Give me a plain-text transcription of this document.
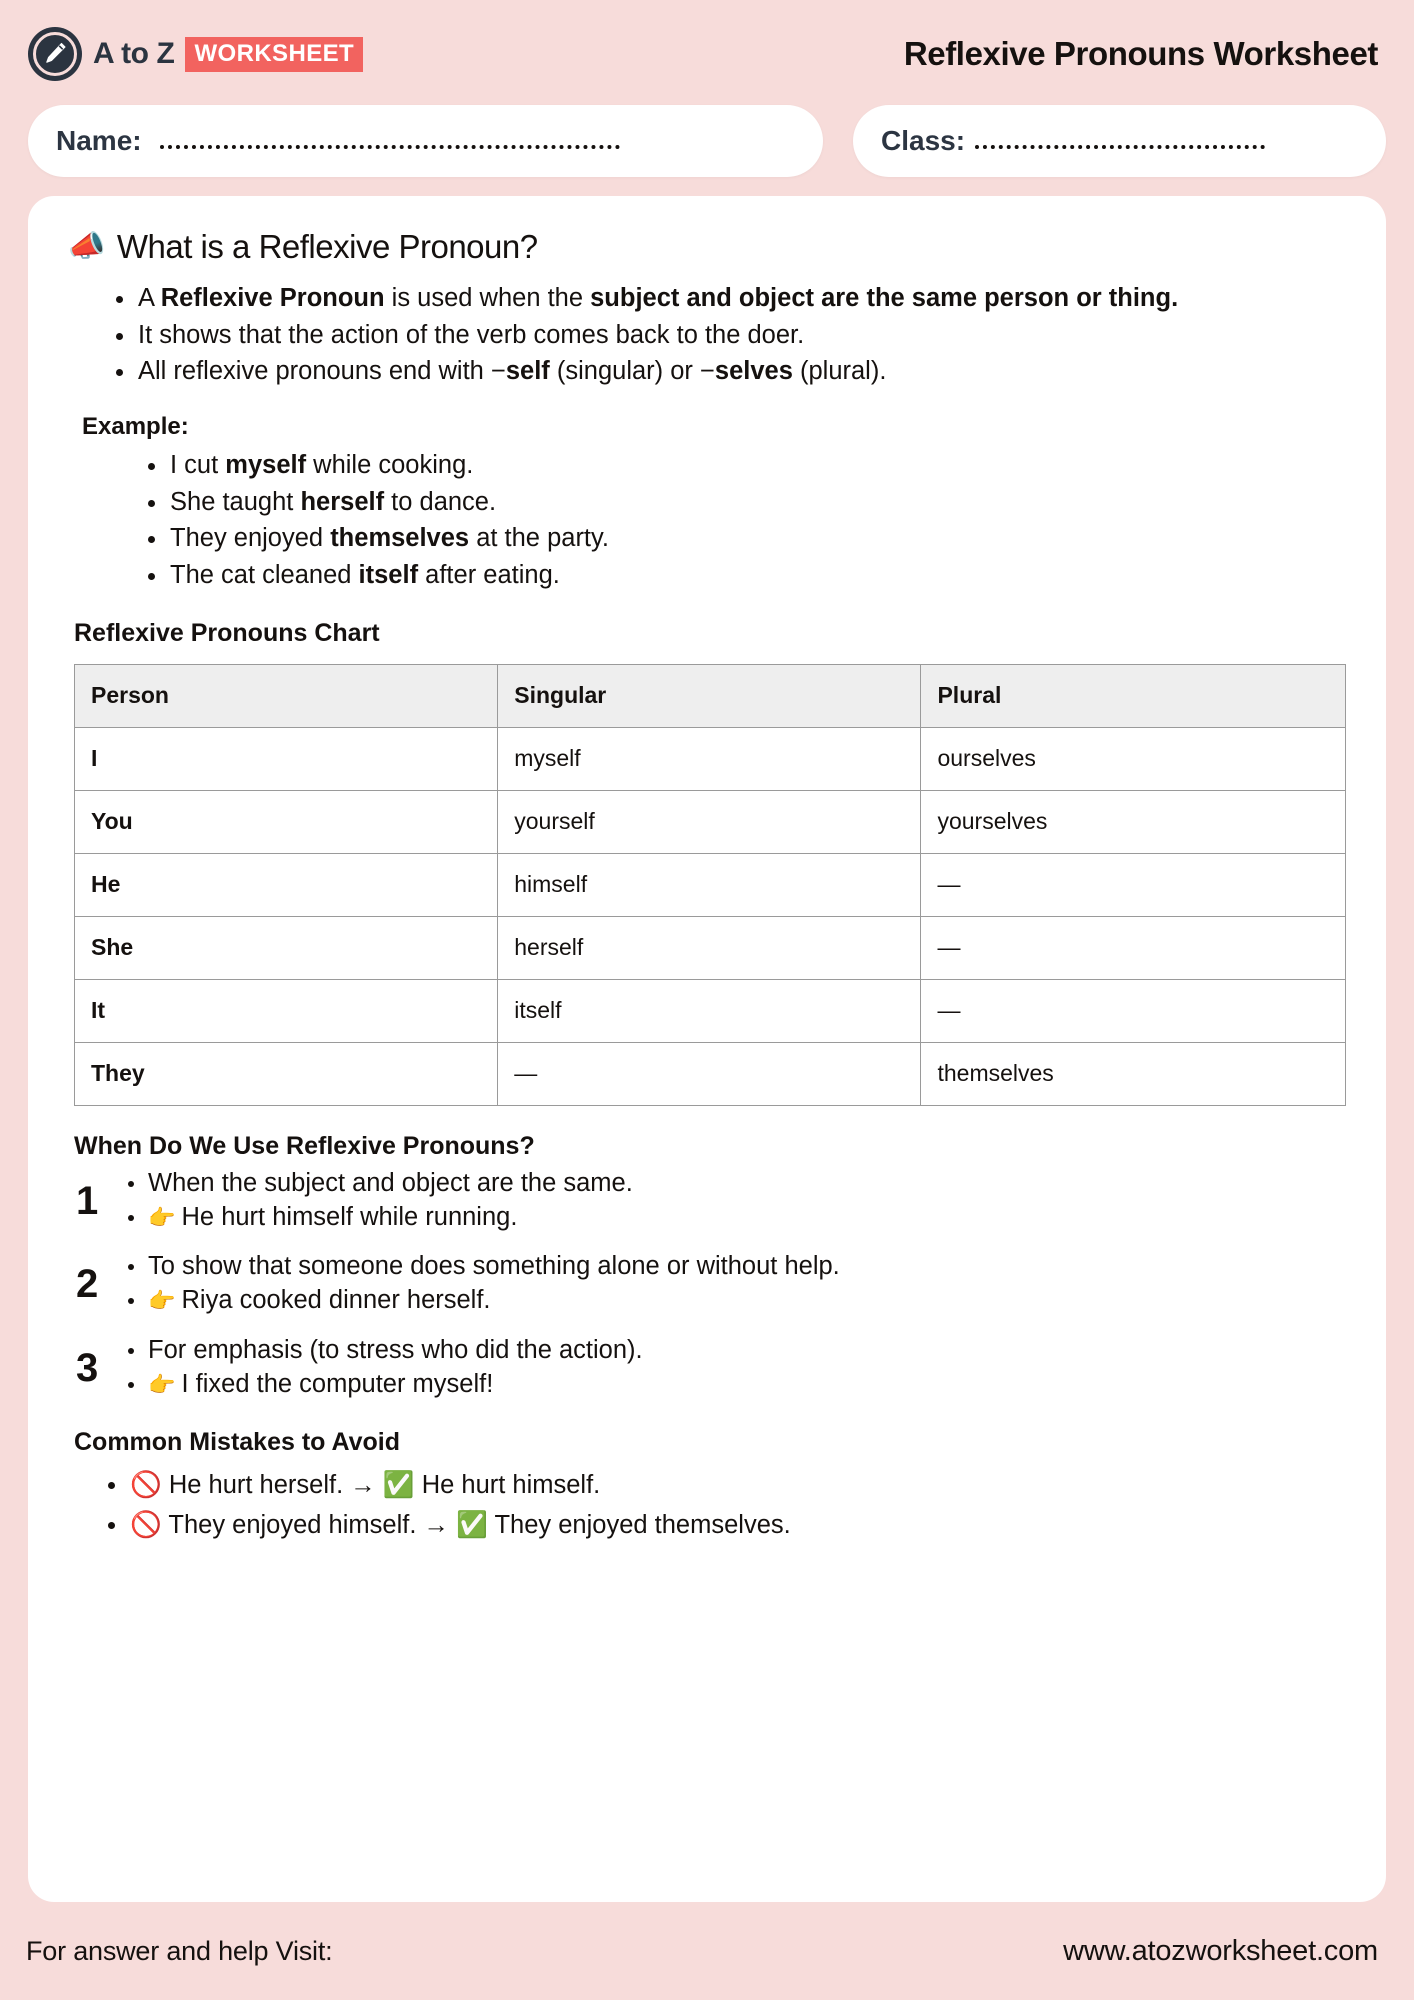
A to Z WORKSHEET	Reflexive Pronouns Worksheet
Name:	Class:
📣 What is a Reflexive Pronoun?
A Reflexive Pronoun is used when the subject and object are the same person or thing.
It shows that the action of the verb comes back to the doer.
All reflexive pronouns end with −self (singular) or −selves (plural).
Example:
I cut myself while cooking.
She taught herself to dance.
They enjoyed themselves at the party.
The cat cleaned itself after eating.
Reflexive Pronouns Chart
Person	Singular	Plural
I	myself	ourselves
You	yourself	yourselves
He	himself	—
She	herself	—
It	itself	—
They	—	themselves
When Do We Use Reflexive Pronouns?
1	When the subject and object are the same.
👉 He hurt himself while running.
2	To show that someone does something alone or without help.
👉 Riya cooked dinner herself.
3	For emphasis (to stress who did the action).
👉 I fixed the computer myself!
Common Mistakes to Avoid
🚫 He hurt herself. → ✅ He hurt himself.
🚫 They enjoyed himself. → ✅ They enjoyed themselves.
For answer and help Visit:	www.atozworksheet.com
